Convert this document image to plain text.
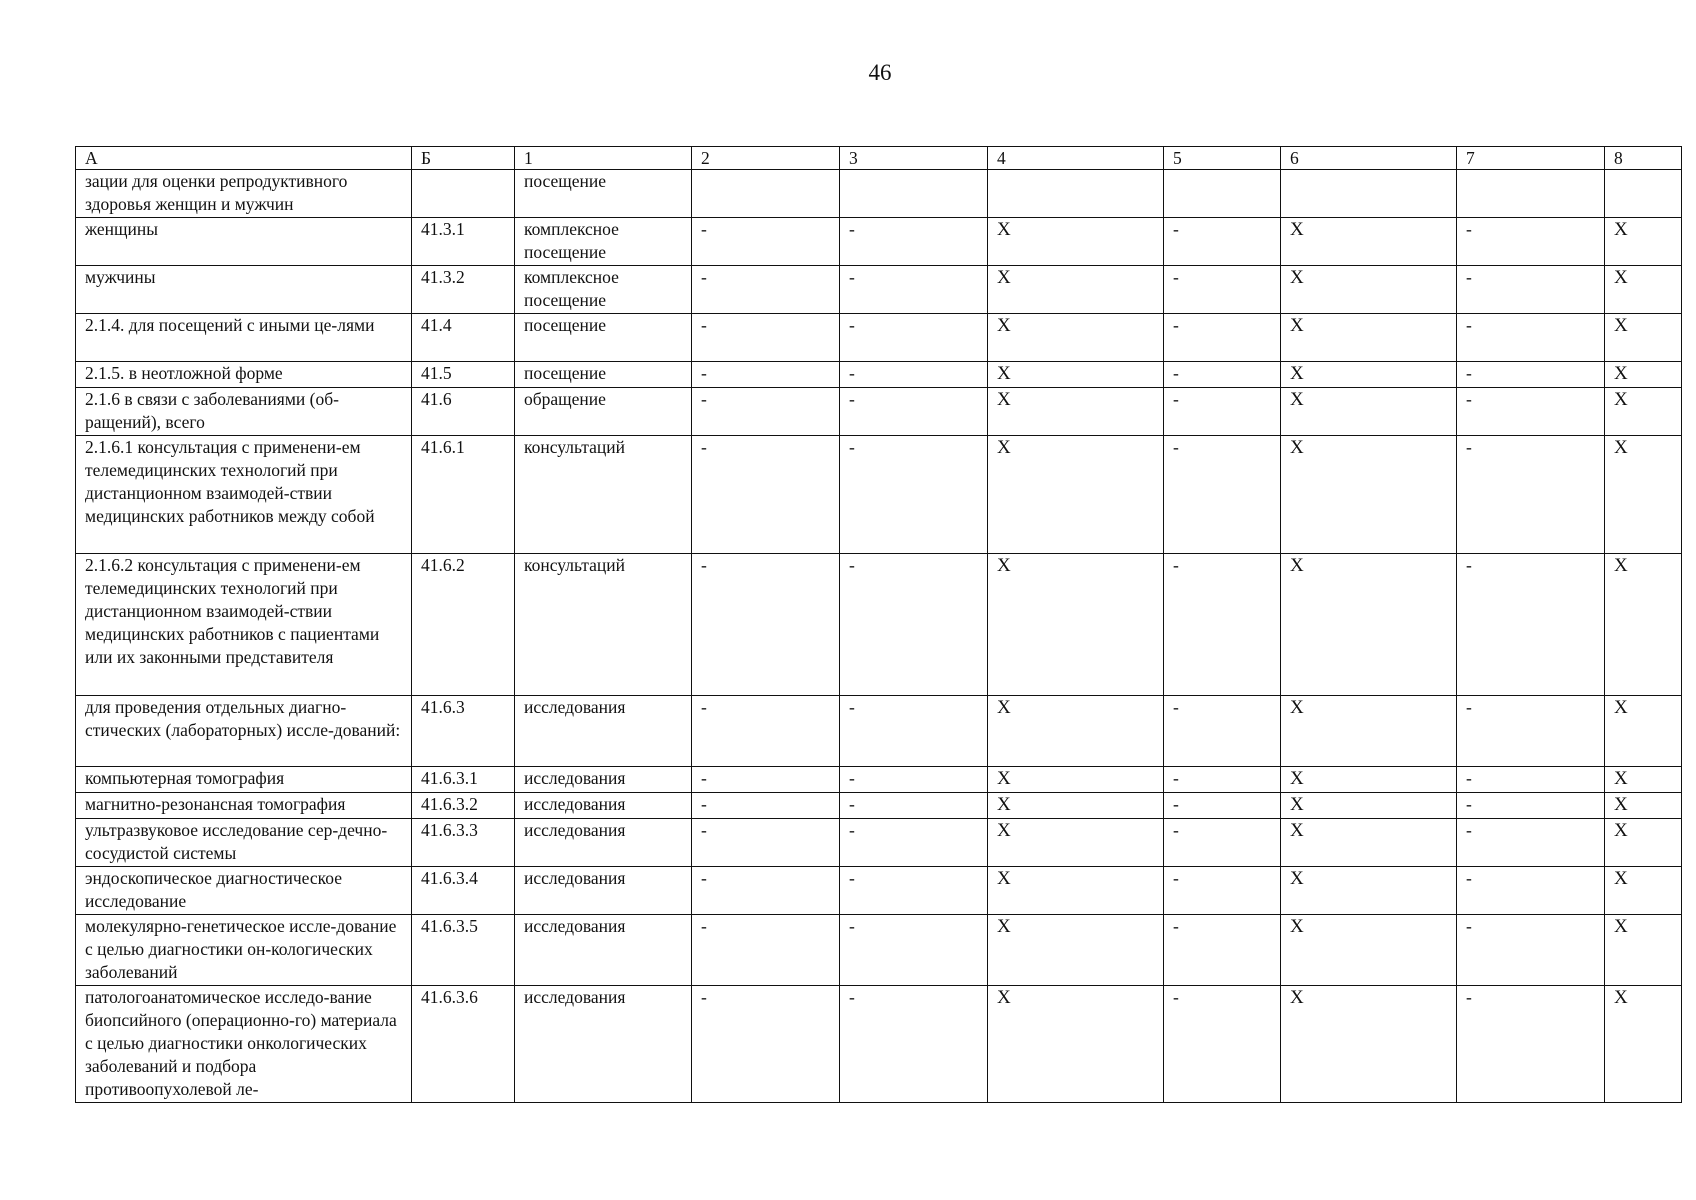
46
А	Б	1	2	3	4	5	6	7	8
зации для оценки репродуктивного здоровья женщин и мужчин		посещение							
женщины	41.3.1	комплексное посещение	-	-	X	-	X	-	X
мужчины	41.3.2	комплексное посещение	-	-	X	-	X	-	X
2.1.4. для посещений с иными це-лями	41.4	посещение	-	-	X	-	X	-	X
2.1.5. в неотложной форме	41.5	посещение	-	-	X	-	X	-	X
2.1.6 в связи с заболеваниями (об-ращений), всего	41.6	обращение	-	-	X	-	X	-	X
2.1.6.1 консультация с применени-ем телемедицинских технологий при дистанционном взаимодей-ствии медицинских работников между собой	41.6.1	консультаций	-	-	X	-	X	-	X
2.1.6.2 консультация с применени-ем телемедицинских технологий при дистанционном взаимодей-ствии медицинских работников с пациентами или их законными представителя	41.6.2	консультаций	-	-	X	-	X	-	X
для проведения отдельных диагно-стических (лабораторных) иссле-дований:	41.6.3	исследования	-	-	X	-	X	-	X
компьютерная томография	41.6.3.1	исследования	-	-	X	-	X	-	X
магнитно-резонансная томография	41.6.3.2	исследования	-	-	X	-	X	-	X
ультразвуковое исследование сер-дечно-сосудистой системы	41.6.3.3	исследования	-	-	X	-	X	-	X
эндоскопическое диагностическое исследование	41.6.3.4	исследования	-	-	X	-	X	-	X
молекулярно-генетическое иссле-дование с целью диагностики он-кологических заболеваний	41.6.3.5	исследования	-	-	X	-	X	-	X
патологоанатомическое исследо-вание биопсийного (операционно-го) материала с целью диагностики онкологических заболеваний и подбора противоопухолевой ле-	41.6.3.6	исследования	-	-	X	-	X	-	X
